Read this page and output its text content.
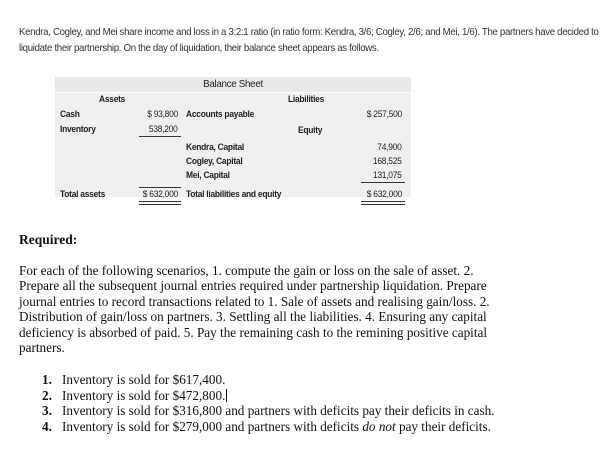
Kendra, Cogley, and Mei share income and loss in a 3:2:1 ratio (in ratio form: Kendra, 3/6; Cogley, 2/6; and Mei, 1/6). The partners have decided to

liquidate their partnership. On the day of liquidation, their balance sheet appears as follows.

Balance Sheet
Assets	Liabilities
Cash	$ 93,800 Accounts payable	$ 257,500
Inventory	538,200	Equity
Kendra, Capital	74,900
Cogley, Capital	168,525
Mei, Capital	131,075
Total assets	$ 632,000 Total liabilities and equity	$ 632,000
Required:

For each of the following scenarios, 1. compute the gain or loss on the sale of asset. 2.

Prepare all the subsequent journal entries required under partnership liquidation. Prepare

journal entries to record transactions related to 1. Sale of assets and realising gain/loss. 2.

Distribution of gain/loss on partners. 3. Settling all the liabilities. 4. Ensuring any capital

deficiency is absorbed of paid. 5. Pay the remaining cash to the remining positive capital

partners.

1. Inventory is sold for $617,400.
2. Inventory is sold for $472,800.
3. Inventory is sold for $316,800 and partners with deficits pay their deficits in cash.
4. Inventory is sold for $279,000 and partners with deficits do not pay their deficits.
